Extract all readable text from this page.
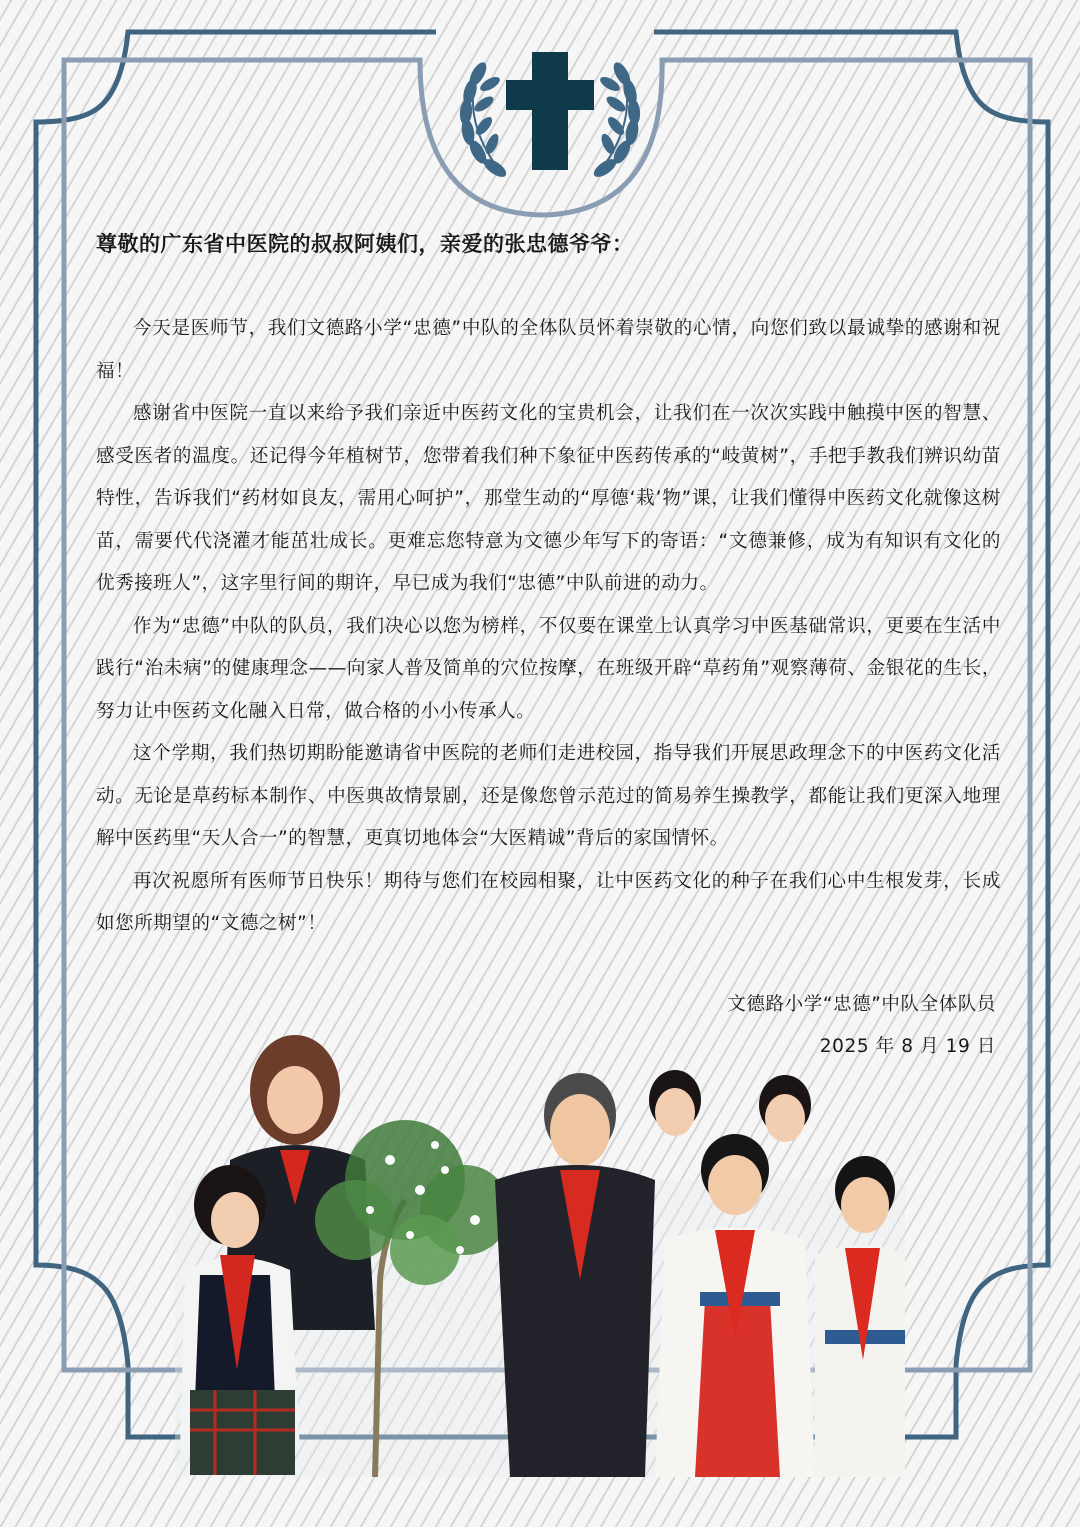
尊敬的广东省中医院的叔叔阿姨们，亲爱的张忠德爷爷：

今天是医师节，我们文德路小学“忠德”中队的全体队员怀着崇敬的心情，向您们致以最诚挚的感谢和祝福！

感谢省中医院一直以来给予我们亲近中医药文化的宝贵机会，让我们在一次次实践中触摸中医的智慧、感受医者的温度。还记得今年植树节，您带着我们种下象征中医药传承的“岐黄树”，手把手教我们辨识幼苗特性，告诉我们“药材如良友，需用心呵护”，那堂生动的“厚德‘栽’物”课，让我们懂得中医药文化就像这树苗，需要代代浇灌才能茁壮成长。更难忘您特意为文德少年写下的寄语：“文德兼修，成为有知识有文化的优秀接班人”，这字里行间的期许，早已成为我们“忠德”中队前进的动力。

作为“忠德”中队的队员，我们决心以您为榜样，不仅要在课堂上认真学习中医基础常识，更要在生活中践行“治未病”的健康理念——向家人普及简单的穴位按摩，在班级开辟“草药角”观察薄荷、金银花的生长，努力让中医药文化融入日常，做合格的小小传承人。

这个学期，我们热切期盼能邀请省中医院的老师们走进校园，指导我们开展思政理念下的中医药文化活动。无论是草药标本制作、中医典故情景剧，还是像您曾示范过的简易养生操教学，都能让我们更深入地理解中医药里“天人合一”的智慧，更真切地体会“大医精诚”背后的家国情怀。

再次祝愿所有医师节日快乐！期待与您们在校园相聚，让中医药文化的种子在我们心中生根发芽，长成如您所期望的“文德之树”！

文德路小学“忠德”中队全体队员
2025 年 8 月 19 日
